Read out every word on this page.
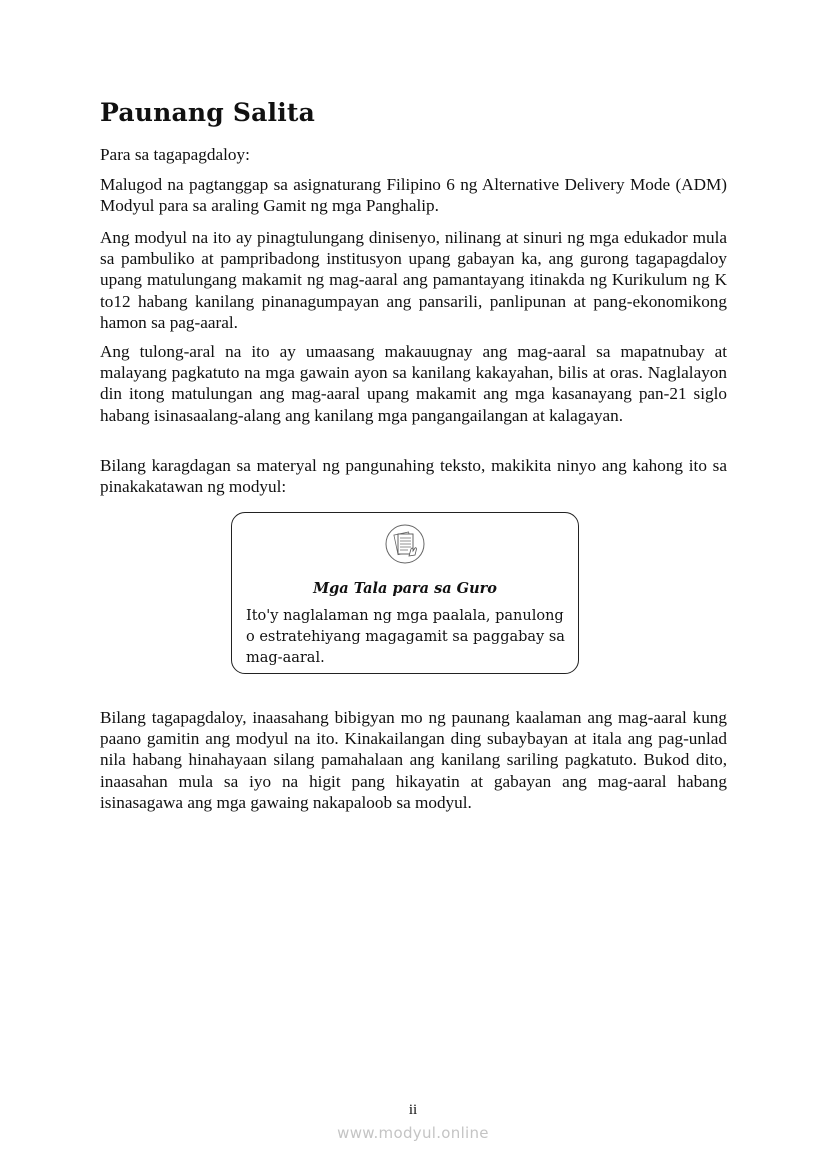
Paunang Salita

Para sa tagapagdaloy:

Malugod na pagtanggap sa asignaturang Filipino 6 ng Alternative Delivery Mode (ADM) Modyul para sa araling Gamit ng mga Panghalip.

Ang modyul na ito ay pinagtulungang dinisenyo, nilinang at sinuri ng mga edukador mula sa pambuliko at pampribadong institusyon upang gabayan ka, ang gurong tagapagdaloy upang matulungang makamit ng mag-aaral ang pamantayang itinakda ng Kurikulum ng K to12 habang kanilang pinanagumpayan ang pansarili, panlipunan at pang-ekonomikong hamon sa pag-aaral.

Ang tulong-aral na ito ay umaasang makauugnay ang mag-aaral sa mapatnubay at malayang pagkatuto na mga gawain ayon sa kanilang kakayahan, bilis at oras. Naglalayon din itong matulungan ang mag-aaral upang makamit ang mga kasanayang pan-21 siglo habang isinasaalang-alang ang kanilang mga pangangailangan at kalagayan.

Bilang karagdagan sa materyal ng pangunahing teksto, makikita ninyo ang kahong ito sa pinakakatawan ng modyul:

Mga Tala para sa Guro

Ito'y naglalaman ng mga paalala, panulong o estratehiyang magagamit sa paggabay sa mag-aaral.

Bilang tagapagdaloy, inaasahang bibigyan mo ng paunang kaalaman ang mag-aaral kung paano gamitin ang modyul na ito. Kinakailangan ding subaybayan at itala ang pag-unlad nila habang hinahayaan silang pamahalaan ang kanilang sariling pagkatuto. Bukod dito, inaasahan mula sa iyo na higit pang hikayatin at gabayan ang mag-aaral habang isinasagawa ang mga gawaing nakapaloob sa modyul.

ii
www.modyul.online
